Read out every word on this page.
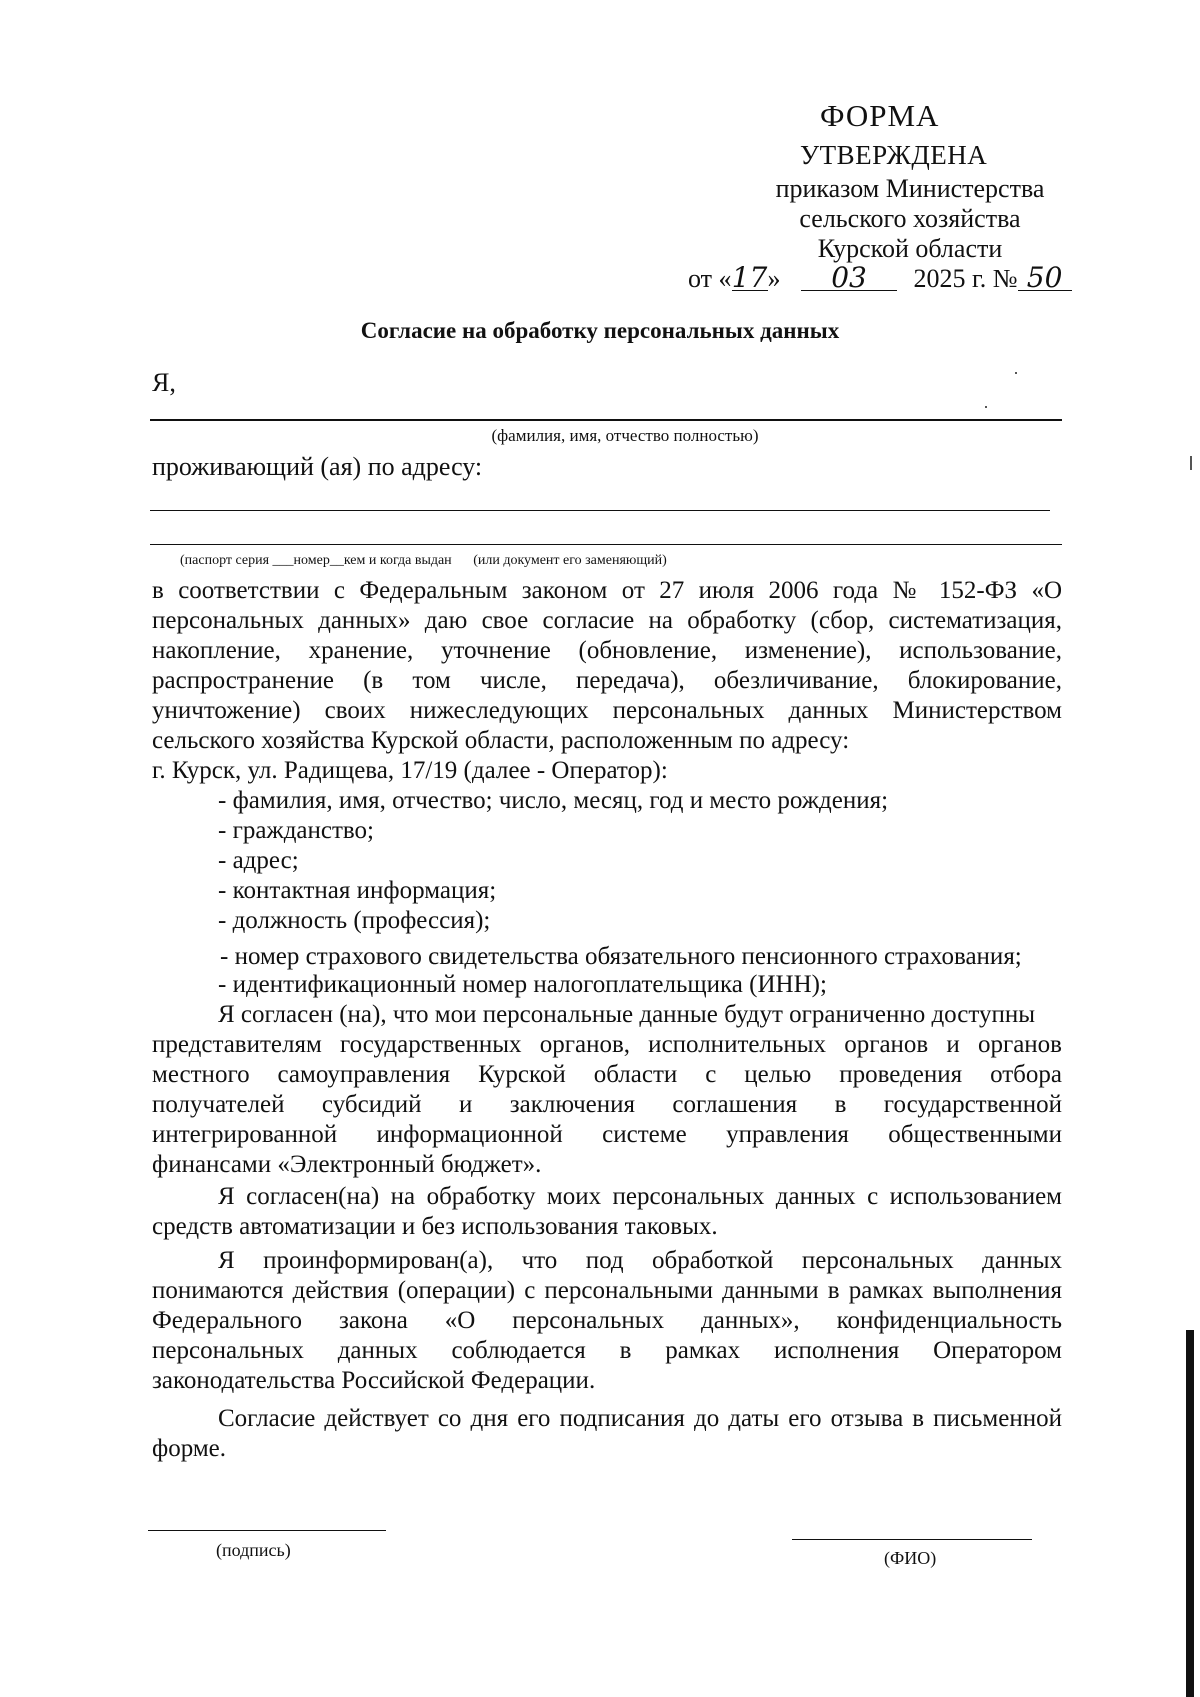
ФОРМА
УТВЕРЖДЕНА
приказом Министерства
сельского хозяйства
Курской области
от «17» 03 2025 г. № 50
Согласие на обработку персональных данных
Я,
(фамилия, имя, отчество полностью)
проживающий (ая) по адресу:
(паспорт серия ___номер__кем и когда выдан (или документ его заменяющий)
в соответствии с Федеральным законом от 27 июля 2006 года № 152-ФЗ «О
персональных данных» даю свое согласие на обработку (сбор, систематизация,
накопление, хранение, уточнение (обновление, изменение), использование,
распространение (в том числе, передача), обезличивание, блокирование,
уничтожение) своих нижеследующих персональных данных Министерством
сельского хозяйства Курской области, расположенным по адресу:
г. Курск, ул. Радищева, 17/19 (далее - Оператор):
- фамилия, имя, отчество; число, месяц, год и место рождения;
- гражданство;
- адрес;
- контактная информация;
- должность (профессия);
- номер страхового свидетельства обязательного пенсионного страхования;
- идентификационный номер налогоплательщика (ИНН);
Я согласен (на), что мои персональные данные будут ограниченно доступны
представителям государственных органов, исполнительных органов и органов
местного самоуправления Курской области с целью проведения отбора
получателей субсидий и заключения соглашения в государственной
интегрированной информационной системе управления общественными
финансами «Электронный бюджет».
Я согласен(на) на обработку моих персональных данных с использованием
средств автоматизации и без использования таковых.
Я проинформирован(а), что под обработкой персональных данных
понимаются действия (операции) с персональными данными в рамках выполнения
Федерального закона «О персональных данных», конфиденциальность
персональных данных соблюдается в рамках исполнения Оператором
законодательства Российской Федерации.
Согласие действует со дня его подписания до даты его отзыва в письменной
форме.
(подпись)	(ФИО)
